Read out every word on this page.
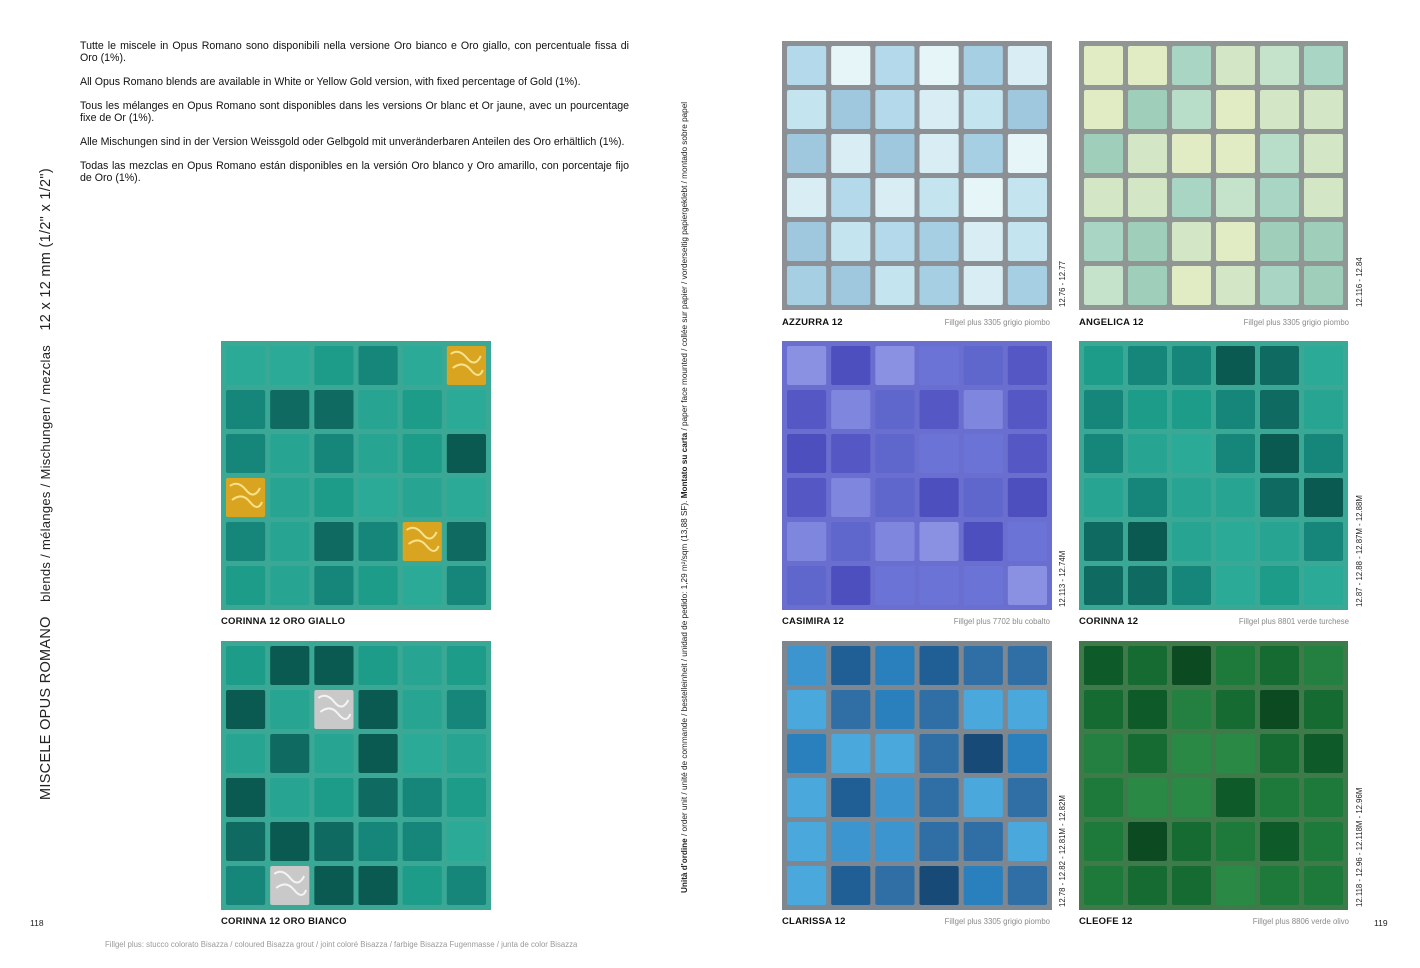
Tutte le miscele in Opus Romano sono disponibili nella versione Oro bianco e Oro giallo, con percentuale fissa di Oro (1%).

All Opus Romano blends are available in White or Yellow Gold version, with fixed percentage of Gold (1%).

Tous les mélanges en Opus Romano sont disponibles dans les versions Or blanc et Or jaune, avec un pourcentage fixe de Or (1%).

Alle Mischungen sind in der Version Weissgold oder Gelbgold mit unveränderbaren Anteilen des Oro erhältlich (1%).

Todas las mezclas en Opus Romano están disponibles en la versión Oro blanco y Oro amarillo, con porcentaje fijo de Oro (1%).

MISCELE OPUS ROMANO blends / mélanges / Mischungen / mezclas 12 x 12 mm (1/2" x 1/2")
Unità d'ordine / order unit / unité de commande / bestelleinheit / unidad de pedido: 1,29 m²/sqm (13,88 SF). Montato su carta / paper face mounted / collée sur papier / vorderseitig papiergeklebt / montado sobre papel
CORINNA 12 ORO GIALLO
CORINNA 12 ORO BIANCO
AZZURRA 12	Fillgel plus 3305 grigio piombo
12.76 - 12.77
ANGELICA 12	Fillgel plus 3305 grigio piombo
12.116 - 12.84
CASIMIRA 12	Fillgel plus 7702 blu cobalto
12.113 - 12.74M
CORINNA 12	Fillgel plus 8801 verde turchese
12.87 - 12.88 - 12.87M - 12.88M
CLARISSA 12	Fillgel plus 3305 grigio piombo
12.78 - 12.82 - 12.81M - 12.82M
CLEOFE 12	Fillgel plus 8806 verde olivo
12.118 - 12.96 - 12.118M - 12.96M
118	119
Fillgel plus: stucco colorato Bisazza / coloured Bisazza grout / joint coloré Bisazza / farbige Bisazza Fugenmasse / junta de color Bisazza
